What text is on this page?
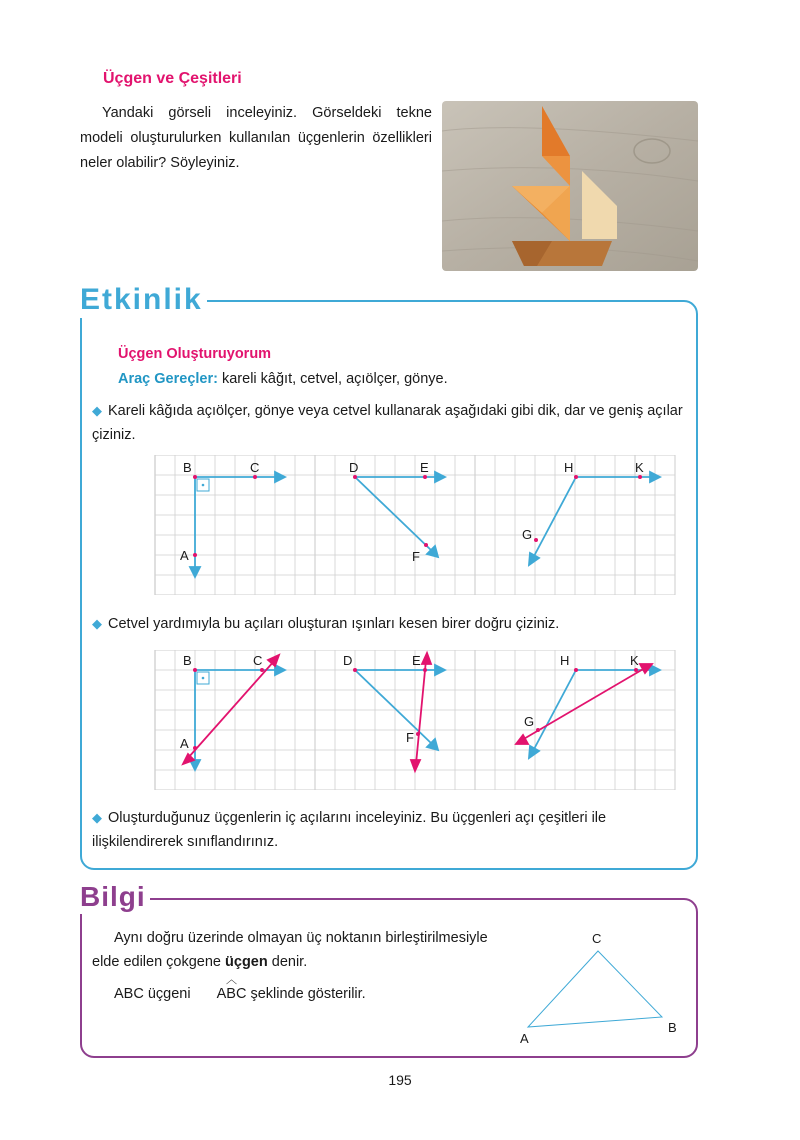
Üçgen ve Çeşitleri
Yandaki görseli inceleyiniz. Görseldeki tekne modeli oluşturulurken kullanılan üçgenlerin özellikleri neler olabilir? Söyleyiniz.
Etkinlik
Üçgen Oluşturuyorum
Araç Gereçler: kareli kâğıt, cetvel, açıölçer, gönye.
◆ Kareli kâğıda açıölçer, gönye veya cetvel kullanarak aşağıdaki gibi dik, dar ve geniş açılar çiziniz.
B	C
A
D	E
F
H	K
G
◆ Cetvel yardımıyla bu açıları oluşturan ışınları kesen birer doğru çiziniz.
B	C
A
D	E
F
H	K
G
◆ Oluşturduğunuz üçgenlerin iç açılarını inceleyiniz. Bu üçgenleri açı çeşitleri ile ilişkilendirerek sınıflandırınız.
Bilgi

Aynı doğru üzerinde olmayan üç noktanın birleştirilmesiyle elde edilen çokgene üçgen denir.

ABC üçgeni
︿
ABC şeklinde gösterilir.

A
B
C
195
